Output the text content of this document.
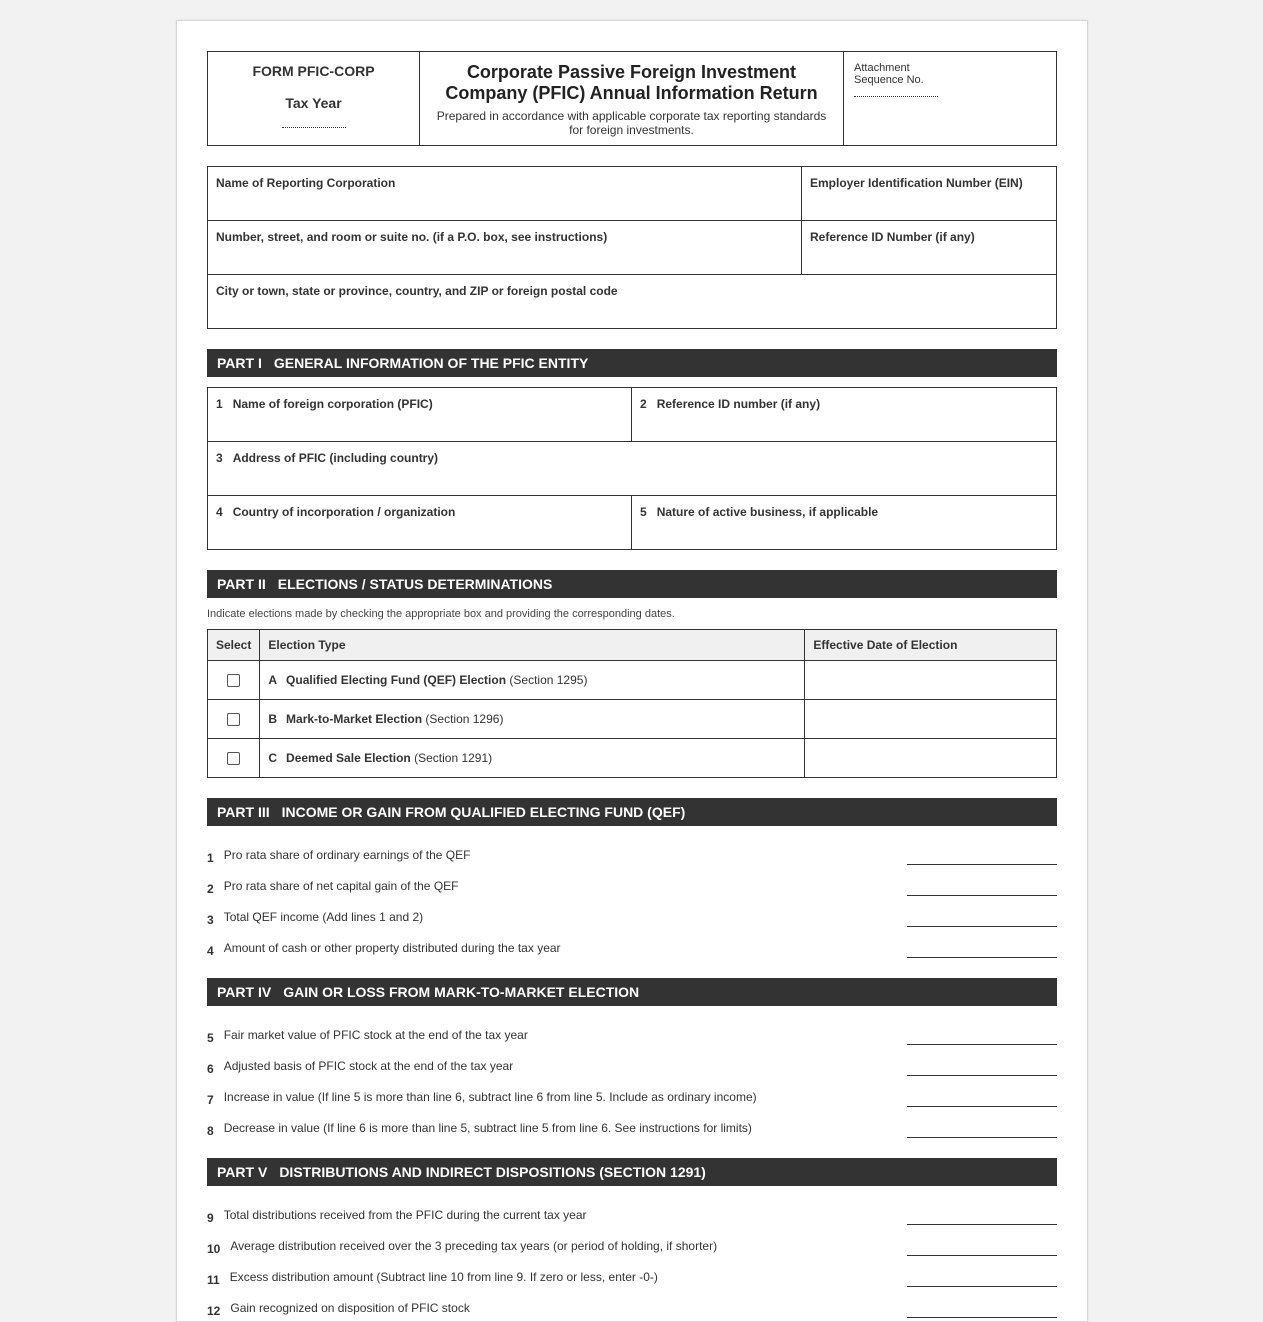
FORM PFIC-CORP
Tax Year
Corporate Passive Foreign Investment Company (PFIC) Annual Information Return
Prepared in accordance with applicable corporate tax reporting standards for foreign investments.
Attachment
Sequence No.
Name of Reporting Corporation	Employer Identification Number (EIN)
Number, street, and room or suite no. (if a P.O. box, see instructions)	Reference ID Number (if any)
City or town, state or province, country, and ZIP or foreign postal code
PART I GENERAL INFORMATION OF THE PFIC ENTITY
1 Name of foreign corporation (PFIC)	2 Reference ID number (if any)
3 Address of PFIC (including country)
4 Country of incorporation / organization	5 Nature of active business, if applicable
PART II ELECTIONS / STATUS DETERMINATIONS
Indicate elections made by checking the appropriate box and providing the corresponding dates.
Select	Election Type	Effective Date of Election
	A Qualified Electing Fund (QEF) Election (Section 1295)	
	B Mark-to-Market Election (Section 1296)	
	C Deemed Sale Election (Section 1291)	
PART III INCOME OR GAIN FROM QUALIFIED ELECTING FUND (QEF)
1 Pro rata share of ordinary earnings of the QEF
2 Pro rata share of net capital gain of the QEF
3 Total QEF income (Add lines 1 and 2)
4 Amount of cash or other property distributed during the tax year
PART IV GAIN OR LOSS FROM MARK-TO-MARKET ELECTION
5 Fair market value of PFIC stock at the end of the tax year
6 Adjusted basis of PFIC stock at the end of the tax year
7 Increase in value (If line 5 is more than line 6, subtract line 6 from line 5. Include as ordinary income)
8 Decrease in value (If line 6 is more than line 5, subtract line 5 from line 6. See instructions for limits)
PART V DISTRIBUTIONS AND INDIRECT DISPOSITIONS (SECTION 1291)
9 Total distributions received from the PFIC during the current tax year
10 Average distribution received over the 3 preceding tax years (or period of holding, if shorter)
11 Excess distribution amount (Subtract line 10 from line 9. If zero or less, enter -0-)
12 Gain recognized on disposition of PFIC stock
